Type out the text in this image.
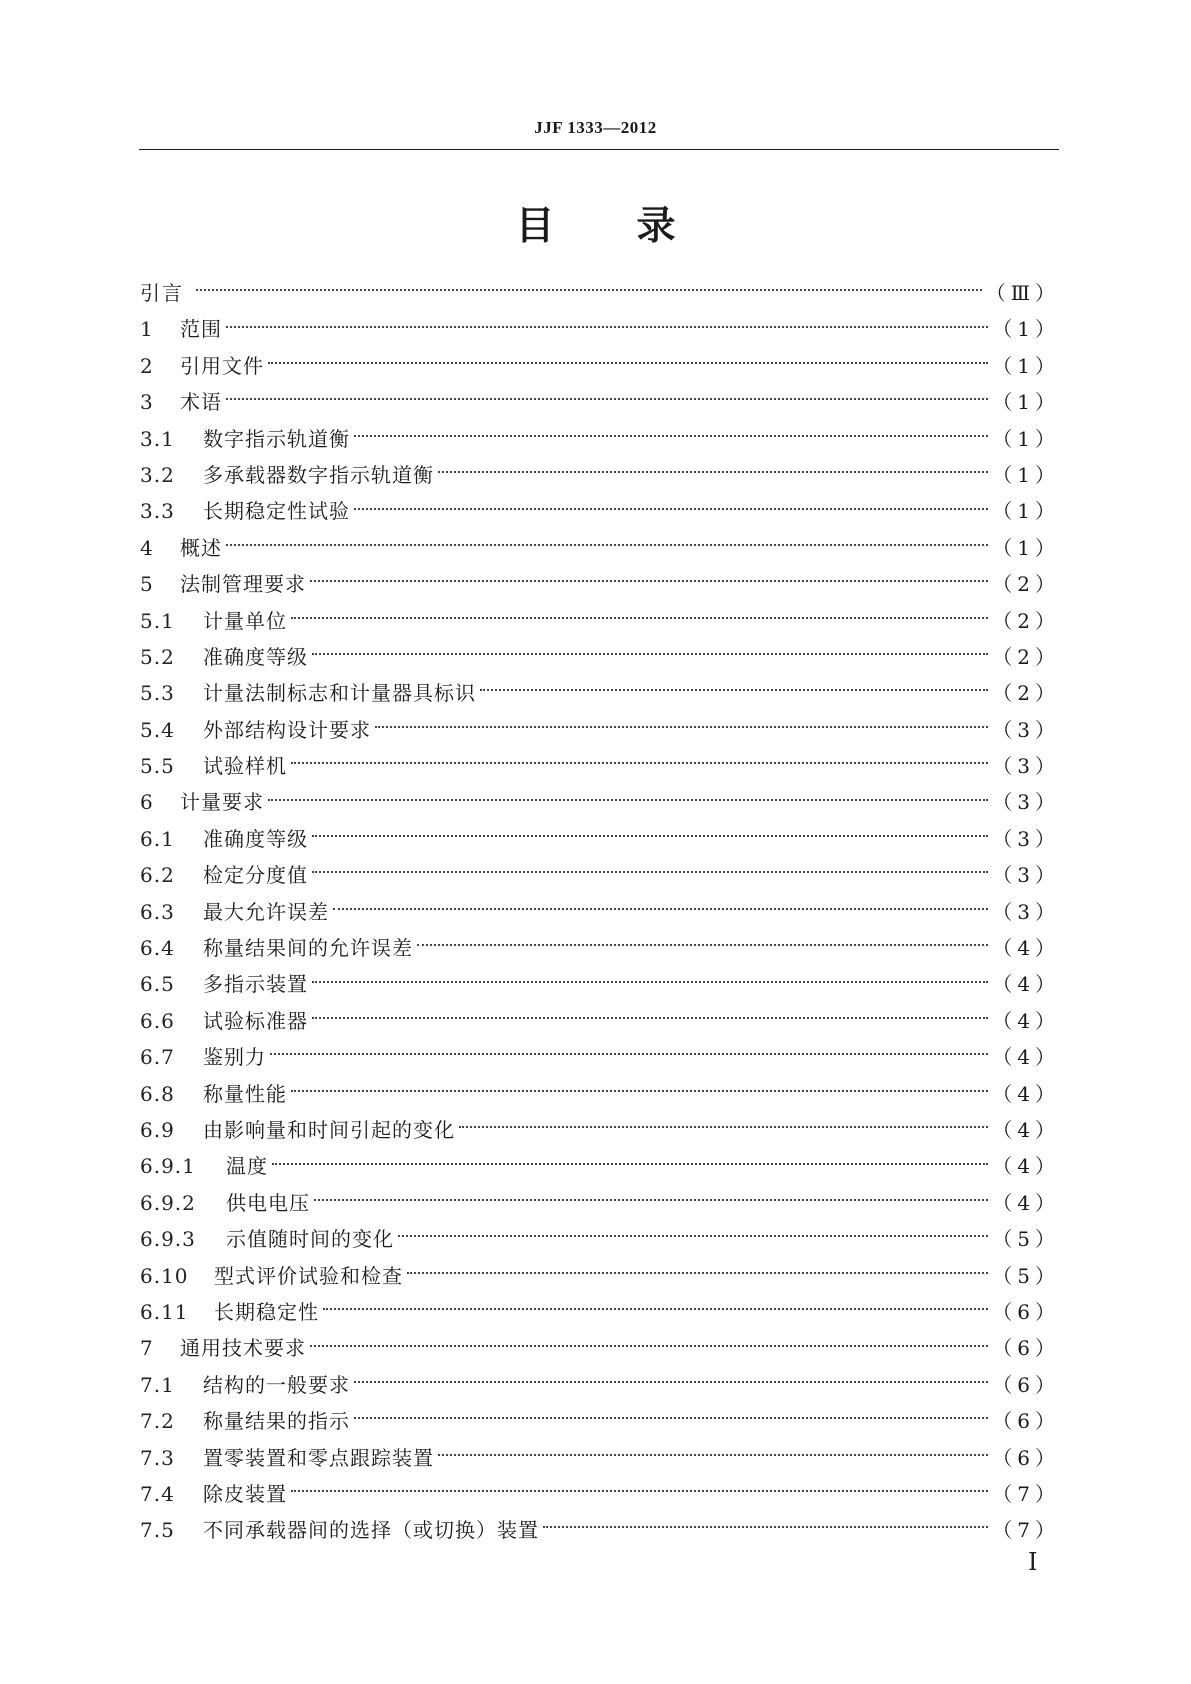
JJF 1333—2012
目 录
引言	（Ⅲ）
1	范围	（1）
2	引用文件	（1）
3	术语	（1）
3.1	数字指示轨道衡	（1）
3.2	多承载器数字指示轨道衡	（1）
3.3	长期稳定性试验	（1）
4	概述	（1）
5	法制管理要求	（2）
5.1	计量单位	（2）
5.2	准确度等级	（2）
5.3	计量法制标志和计量器具标识	（2）
5.4	外部结构设计要求	（3）
5.5	试验样机	（3）
6	计量要求	（3）
6.1	准确度等级	（3）
6.2	检定分度值	（3）
6.3	最大允许误差	（3）
6.4	称量结果间的允许误差	（4）
6.5	多指示装置	（4）
6.6	试验标准器	（4）
6.7	鉴别力	（4）
6.8	称量性能	（4）
6.9	由影响量和时间引起的变化	（4）
6.9.1	温度	（4）
6.9.2	供电电压	（4）
6.9.3	示值随时间的变化	（5）
6.10	型式评价试验和检查	（5）
6.11	长期稳定性	（6）
7	通用技术要求	（6）
7.1	结构的一般要求	（6）
7.2	称量结果的指示	（6）
7.3	置零装置和零点跟踪装置	（6）
7.4	除皮装置	（7）
7.5	不同承载器间的选择（或切换）装置	（7）
Ⅰ
